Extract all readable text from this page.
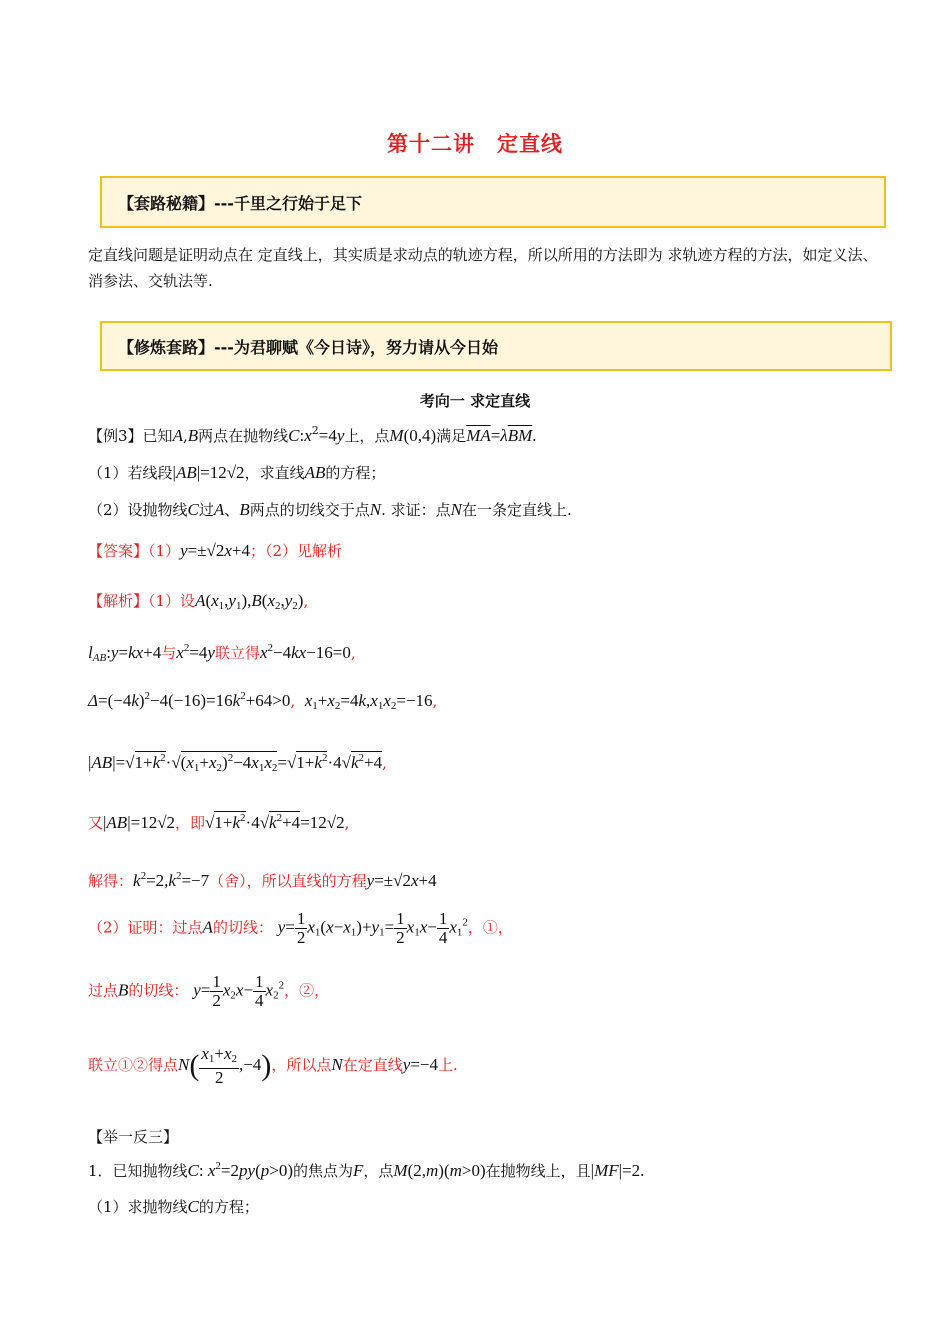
第十二讲　定直线
【套路秘籍】 ---千里之行始于足下
定直线问题是证明动点在 定直线上，其实质是求动点的轨迹方程，所以所用的方法即为 求轨迹方程的方法，如定义法、消参法、交轨法等.
【修炼套路】 ---为君聊赋《今日诗》，努力请从今日始
考向一 求定直线
【例3】已知A,B两点在抛物线$C:x^2=4y$上，点M(0,4)满足$\overline{MA}=\lambda\overline{BM}$.
（1）若线段|AB|=12√2，求直线AB的方程；
（2）设抛物线C过A、B两点的切线交于点N. 求证：点N在一条定直线上.
【答案】（1）y=±√2x+4；（2）见解析
【解析】（1）设$A(x_1,y_1),B(x_2,y_2)$,
$l_{AB}:y=kx+4$与$x^2=4y$联立得$x^2-4kx-16=0$,
$\Delta=(-4k)^2-4(-16)=16k^2+64>0$, $x_1+x_2=4k,x_1x_2=-16$,
$|AB|=√1+k^2\cdot√(x_1+x_2)^2-4x_1x_2=√1+k^2\cdot 4√k^2+4$,
又|AB|=12√2，即$√1+k^2\cdot 4√k^2+4=12√2$,
解得：$k^2=2,k^2=-7$（舍），所以直线的方程y=±√2x+4
（2）证明：过点A的切线： $y= \frac{1}{2} x_1(x-x_1)+y_1= \frac{1}{2} x_1x- \frac{1}{4} x_1^2$，①，
过点B的切线： $y= \frac{1}{2} x_2x- \frac{1}{4} x_2^2$，②，
联立①②得点$N( \frac{x_1+x_2}{2} ,-4)$，所以点N在定直线y=−4上.
【举一反三】
1．已知抛物线C: $x^2=2py(p>0)$的焦点为F，点M(2,m)(m>0)在抛物线上，且|MF|=2.
（1）求抛物线C的方程；
